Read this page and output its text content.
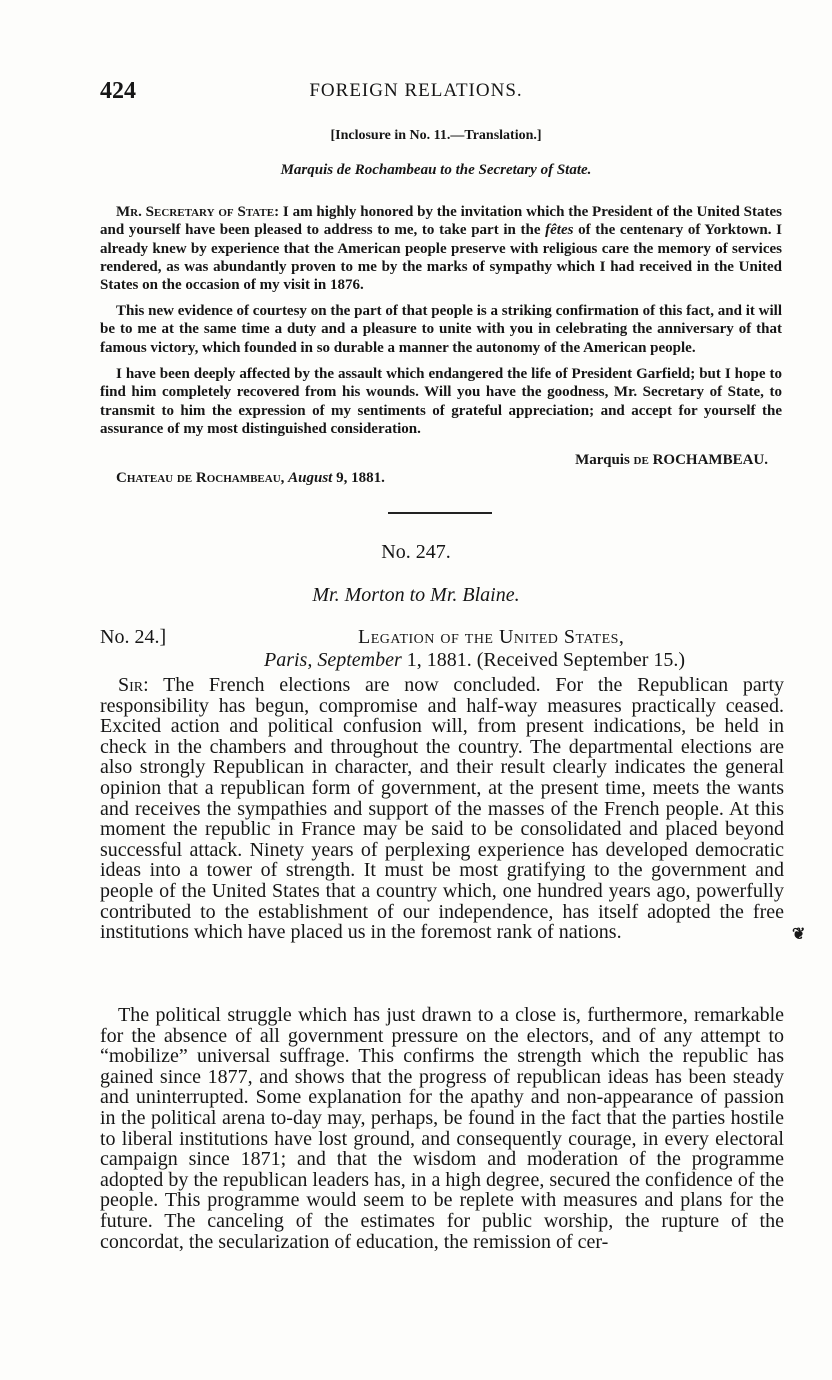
424	FOREIGN RELATIONS.
[Inclosure in No. 11.—Translation.]
Marquis de Rochambeau to the Secretary of State.

Mr. Secretary of State: I am highly honored by the invitation which the President of the United States and yourself have been pleased to address to me, to take part in the fêtes of the centenary of Yorktown. I already knew by experience that the American people preserve with religious care the memory of services rendered, as was abundantly proven to me by the marks of sympathy which I had received in the United States on the occasion of my visit in 1876.

This new evidence of courtesy on the part of that people is a striking confirmation of this fact, and it will be to me at the same time a duty and a pleasure to unite with you in celebrating the anniversary of that famous victory, which founded in so durable a manner the autonomy of the American people.

I have been deeply affected by the assault which endangered the life of President Garfield; but I hope to find him completely recovered from his wounds. Will you have the goodness, Mr. Secretary of State, to transmit to him the expression of my sentiments of grateful appreciation; and accept for yourself the assurance of my most distinguished consideration.

Marquis de ROCHAMBEAU.
Chateau de Rochambeau, August 9, 1881.
No. 247.
Mr. Morton to Mr. Blaine.
No. 24.]	Legation of the United States,
Paris, September 1, 1881. (Received September 15.)

Sir: The French elections are now concluded. For the Republican party responsibility has begun, compromise and half-way measures practically ceased. Excited action and political confusion will, from present indications, be held in check in the chambers and throughout the country. The departmental elections are also strongly Republican in character, and their result clearly indicates the general opinion that a republican form of government, at the present time, meets the wants and receives the sympathies and support of the masses of the French people. At this moment the republic in France may be said to be consolidated and placed beyond successful attack. Ninety years of perplexing experience has developed democratic ideas into a tower of strength. It must be most gratifying to the government and people of the United States that a country which, one hundred years ago, powerfully contributed to the establishment of our independence, has itself adopted the free institutions which have placed us in the foremost rank of nations.

The political struggle which has just drawn to a close is, furthermore, remarkable for the absence of all government pressure on the electors, and of any attempt to “mobilize” universal suffrage. This confirms the strength which the republic has gained since 1877, and shows that the progress of republican ideas has been steady and uninterrupted. Some explanation for the apathy and non-appearance of passion in the political arena to-day may, perhaps, be found in the fact that the parties hostile to liberal institutions have lost ground, and consequently courage, in every electoral campaign since 1871; and that the wisdom and moderation of the programme adopted by the republican leaders has, in a high degree, secured the confidence of the people. This programme would seem to be replete with measures and plans for the future. The canceling of the estimates for public worship, the rupture of the concordat, the secularization of education, the remission of cer-

❦
